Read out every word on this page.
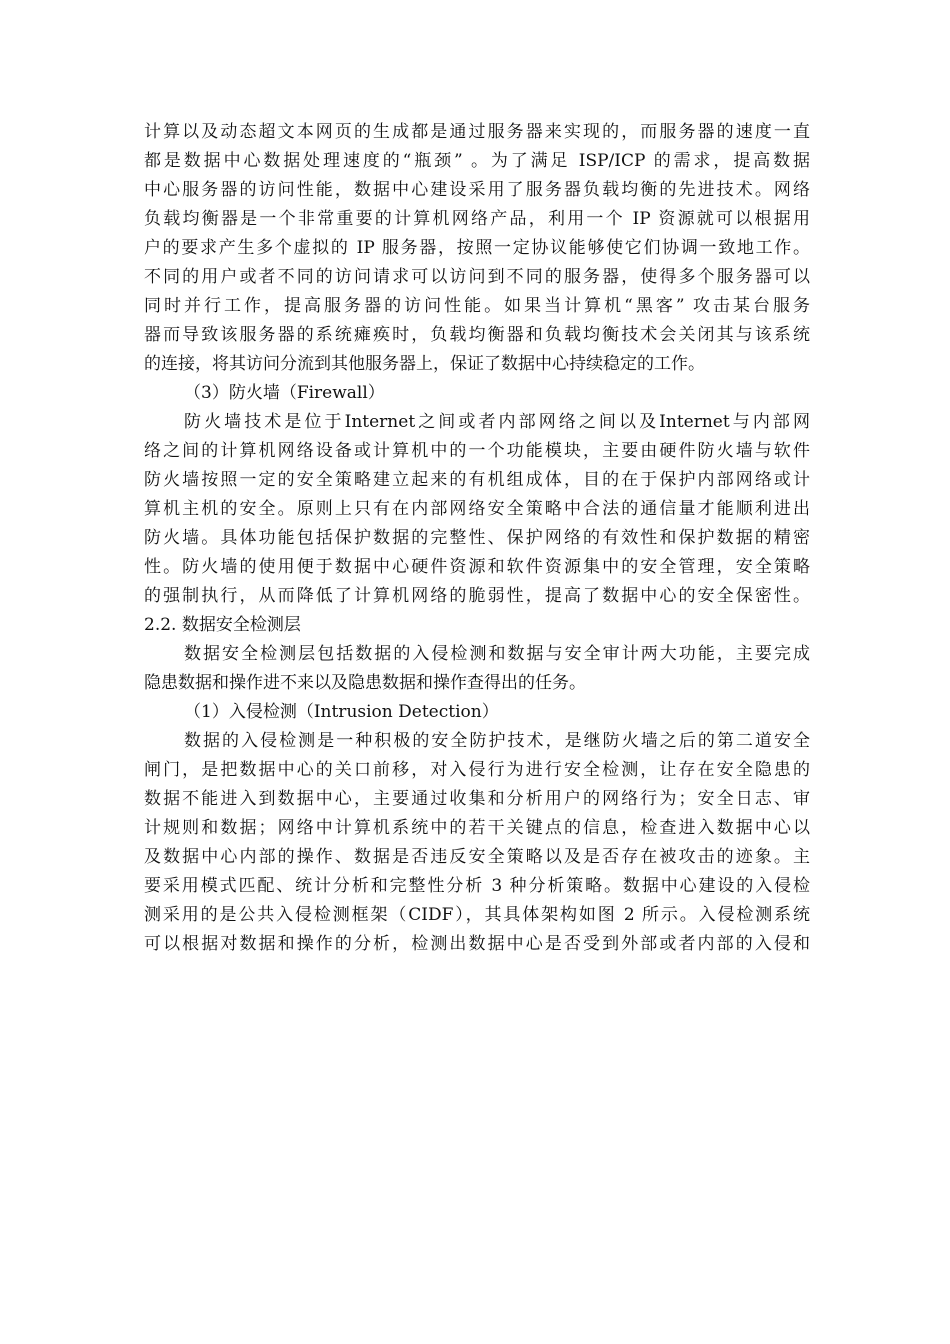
计算以及动态超文本网页的生成都是通过服务器来实现的，而服务器的速度一直
都是数据中心数据处理速度的“瓶颈” 。为了满足 ISP/ICP 的需求，提高数据
中心服务器的访问性能，数据中心建设采用了服务器负载均衡的先进技术。网络
负载均衡器是一个非常重要的计算机网络产品，利用一个 IP 资源就可以根据用
户的要求产生多个虚拟的 IP 服务器，按照一定协议能够使它们协调一致地工作。
不同的用户或者不同的访问请求可以访问到不同的服务器，使得多个服务器可以
同时并行工作，提高服务器的访问性能。如果当计算机“黑客” 攻击某台服务
器而导致该服务器的系统瘫痪时，负载均衡器和负载均衡技术会关闭其与该系统
的连接，将其访问分流到其他服务器上，保证了数据中心持续稳定的工作。
（3）防火墙（Firewall）
防火墙技术是位于Internet之间或者内部网络之间以及Internet与内部网
络之间的计算机网络设备或计算机中的一个功能模块，主要由硬件防火墙与软件
防火墙按照一定的安全策略建立起来的有机组成体，目的在于保护内部网络或计
算机主机的安全。原则上只有在内部网络安全策略中合法的通信量才能顺利进出
防火墙。具体功能包括保护数据的完整性、保护网络的有效性和保护数据的精密
性。防火墙的使用便于数据中心硬件资源和软件资源集中的安全管理，安全策略
的强制执行，从而降低了计算机网络的脆弱性，提高了数据中心的安全保密性。
2.2. 数据安全检测层
数据安全检测层包括数据的入侵检测和数据与安全审计两大功能，主要完成
隐患数据和操作进不来以及隐患数据和操作查得出的任务。
（1）入侵检测（Intrusion Detection）
数据的入侵检测是一种积极的安全防护技术，是继防火墙之后的第二道安全
闸门，是把数据中心的关口前移，对入侵行为进行安全检测，让存在安全隐患的
数据不能进入到数据中心，主要通过收集和分析用户的网络行为；安全日志、审
计规则和数据；网络中计算机系统中的若干关键点的信息，检查进入数据中心以
及数据中心内部的操作、数据是否违反安全策略以及是否存在被攻击的迹象。主
要采用模式匹配、统计分析和完整性分析 3 种分析策略。数据中心建设的入侵检
测采用的是公共入侵检测框架（CIDF），其具体架构如图 2 所示。入侵检测系统
可以根据对数据和操作的分析，检测出数据中心是否受到外部或者内部的入侵和
